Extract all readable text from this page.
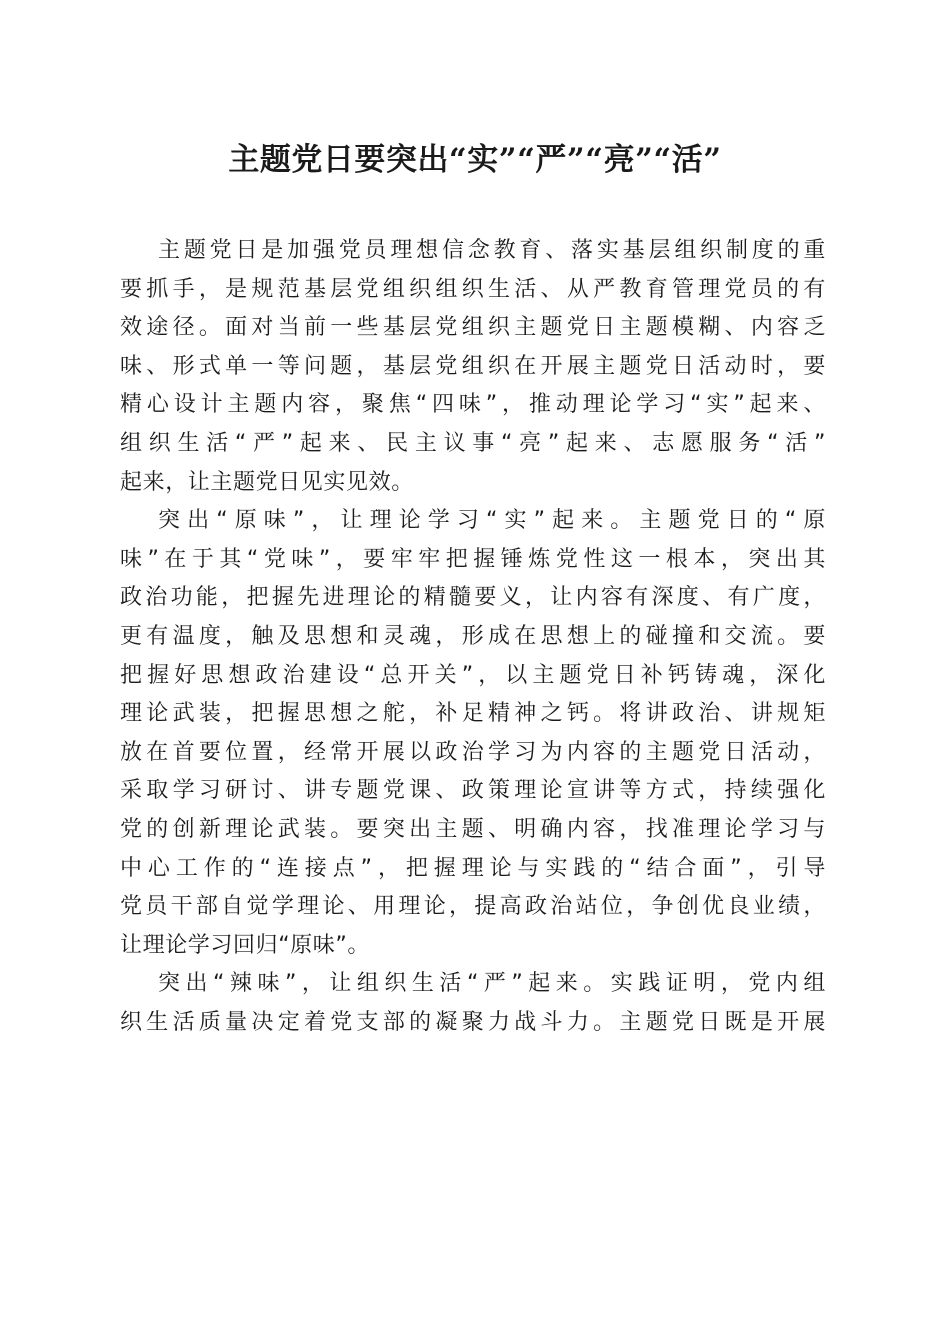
主题党日要突出“实”“严”“亮”“活”
主题党日是加强党员理想信念教育、落实基层组织制度的重
要抓手，是规范基层党组织组织生活、从严教育管理党员的有
效途径。面对当前一些基层党组织主题党日主题模糊、内容乏
味、形式单一等问题，基层党组织在开展主题党日活动时，要
精心设计主题内容，聚焦“四味”，推动理论学习“实”起来、
组织生活“严”起来、民主议事“亮”起来、志愿服务“活”
起来，让主题党日见实见效。
突出“原味”，让理论学习“实”起来。主题党日的“原
味”在于其“党味”，要牢牢把握锤炼党性这一根本，突出其
政治功能，把握先进理论的精髓要义，让内容有深度、有广度，
更有温度，触及思想和灵魂，形成在思想上的碰撞和交流。要
把握好思想政治建设“总开关”，以主题党日补钙铸魂，深化
理论武装，把握思想之舵，补足精神之钙。将讲政治、讲规矩
放在首要位置，经常开展以政治学习为内容的主题党日活动，
采取学习研讨、讲专题党课、政策理论宣讲等方式，持续强化
党的创新理论武装。要突出主题、明确内容，找准理论学习与
中心工作的“连接点”，把握理论与实践的“结合面”，引导
党员干部自觉学理论、用理论，提高政治站位，争创优良业绩，
让理论学习回归“原味”。
突出“辣味”，让组织生活“严”起来。实践证明，党内组
织生活质量决定着党支部的凝聚力战斗力。主题党日既是开展
